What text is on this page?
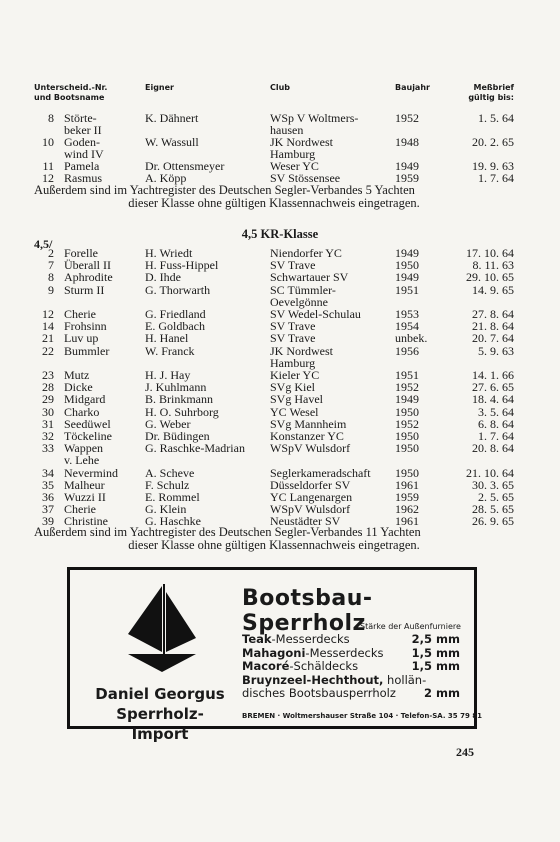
Unterscheid.-Nr.
und Bootsname
Eigner	Club	Baujahr	Meßbrief
gültig bis:
8 Störte-	K. Dähnert	WSp V Woltmers-	1952	1. 5. 64
beker II	hausen
10 Goden-	W. Wassull	JK Nordwest	1948	20. 2. 65
wind IV	Hamburg
11 Pamela	Dr. Ottensmeyer	Weser YC	1949	19. 9. 63
12 Rasmus	A. Köpp	SV Stössensee	1959	1. 7. 64
Außerdem sind im Yachtregister des Deutschen Segler-Verbandes 5 Yachten
dieser Klasse ohne gültigen Klassennachweis eingetragen.
4,5 KR-Klasse
4,5/
2 Forelle	H. Wriedt	Niendorfer YC	1949	17. 10. 64
7 Überall II	H. Fuss-Hippel	SV Trave	1950	8. 11. 63
8 Aphrodite	D. Ihde	Schwartauer SV	1949	29. 10. 65
9 Sturm II	G. Thorwarth	SC Tümmler-	1951	14. 9. 65
Oevelgönne
12 Cherie	G. Friedland	SV Wedel-Schulau	1953	27. 8. 64
14 Frohsinn	E. Goldbach	SV Trave	1954	21. 8. 64
21 Luv up	H. Hanel	SV Trave	unbek.	20. 7. 64
22 Bummler	W. Franck	JK Nordwest	1956	5. 9. 63
Hamburg
23 Mutz	H. J. Hay	Kieler YC	1951	14. 1. 66
28 Dicke	J. Kuhlmann	SVg Kiel	1952	27. 6. 65
29 Midgard	B. Brinkmann	SVg Havel	1949	18. 4. 64
30 Charko	H. O. Suhrborg	YC Wesel	1950	3. 5. 64
31 Seedüwel	G. Weber	SVg Mannheim	1952	6. 8. 64
32 Töckeline	Dr. Büdingen	Konstanzer YC	1950	1. 7. 64
33 Wappen	G. Raschke-Madrian WSpV Wulsdorf	1950	20. 8. 64
v. Lehe
34 Nevermind A. Scheve	Seglerkameradschaft 1950	21. 10. 64
35 Malheur	F. Schulz	Düsseldorfer SV	1961	30. 3. 65
36 Wuzzi II	E. Rommel	YC Langenargen	1959	2. 5. 65
37 Cherie	G. Klein	WSpV Wulsdorf	1962	28. 5. 65
39 Christine	G. Haschke	Neustädter SV	1961	26. 9. 65
Außerdem sind im Yachtregister des Deutschen Segler-Verbandes 11 Yachten
dieser Klasse ohne gültigen Klassennachweis eingetragen.
Daniel Georgus
Sperrholz-Import
Bootsbau-Sperrholz
Stärke der Außenfurniere
Teak-Messerdecks	2,5 mm
Mahagoni-Messerdecks	1,5 mm
Macoré-Schäldecks	1,5 mm
Bruynzeel-Hechthout, hollän-
disches Bootsbausperrholz	2 mm
BREMEN · Woltmershauser Straße 104 · Telefon-SA. 35 79 81
245
